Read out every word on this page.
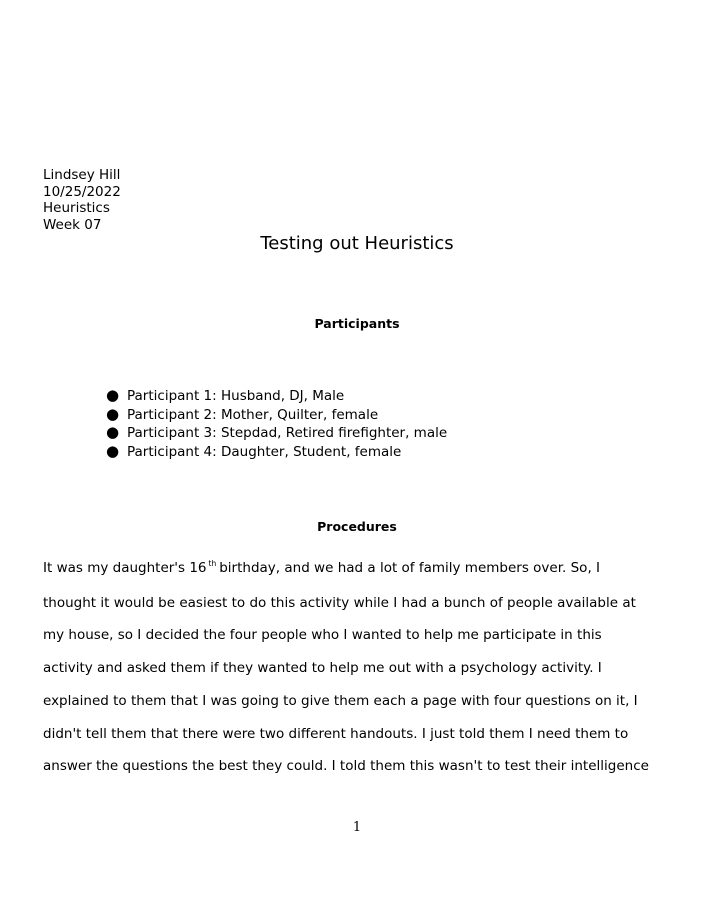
Lindsey Hill
10/25/2022
Heuristics
Week 07
Testing out Heuristics
Participants
● Participant 1: Husband, DJ, Male
● Participant 2: Mother, Quilter, female
● Participant 3: Stepdad, Retired firefighter, male
● Participant 4: Daughter, Student, female
Procedures
It was my daughter's 16 $^{th}$ birthday, and we had a lot of family members over. So, I
thought it would be easiest to do this activity while I had a bunch of people available at
my house, so I decided the four people who I wanted to help me participate in this
activity and asked them if they wanted to help me out with a psychology activity. I
explained to them that I was going to give them each a page with four questions on it, I
didn't tell them that there were two different handouts. I just told them I need them to
answer the questions the best they could. I told them this wasn't to test their intelligence
1
